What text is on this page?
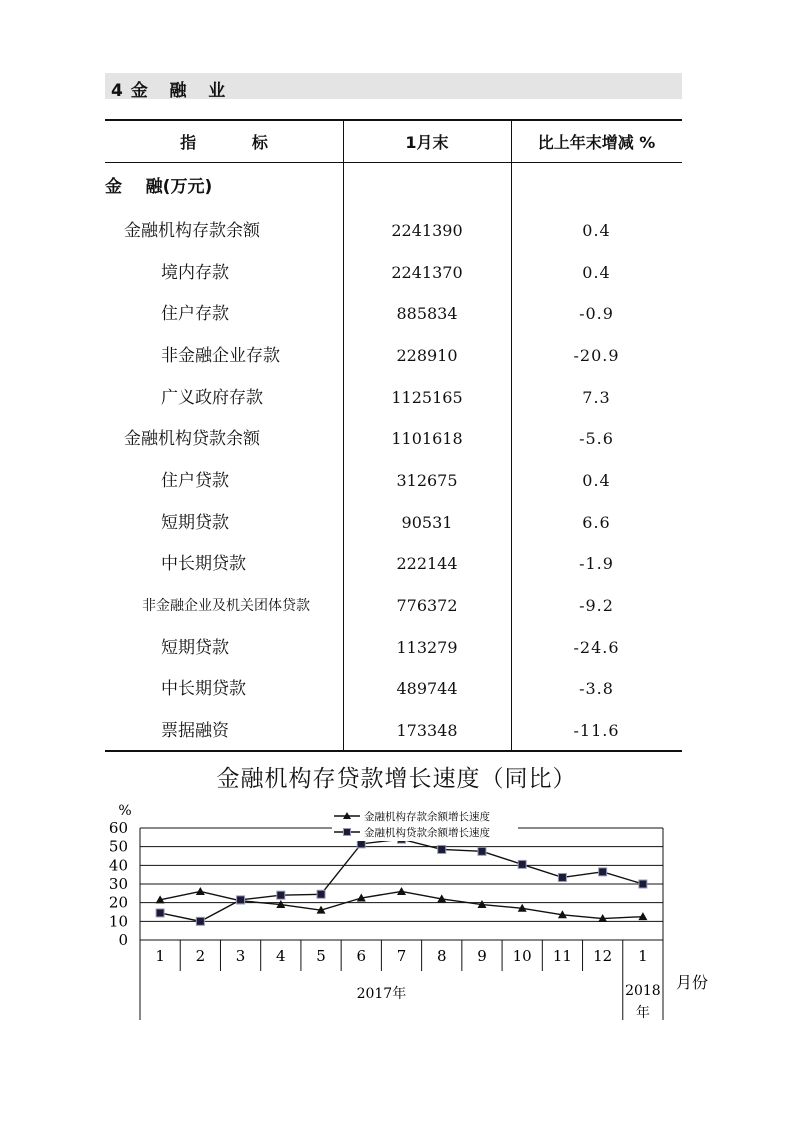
4 金   融   业
指          标	1月末	比上年末增减 %
金    融(万元)
金融机构存款余额	2241390	0.4
境内存款	2241370	0.4
住户存款	885834	-0.9
非金融企业存款	228910	-20.9
广义政府存款	1125165	7.3
金融机构贷款余额	1101618	-5.6
住户贷款	312675	0.4
短期贷款	90531	6.6
中长期贷款	222144	-1.9
非金融企业及机关团体贷款	776372	-9.2
短期贷款	113279	-24.6
中长期贷款	489744	-3.8
票据融资	173348	-11.6
金融机构存贷款增长速度（同比）
0
10
20
30
40
50
60
%
1 2 3 4 5 6 7 8 9 10 11 12 1
2017年	2018
年
月份
金融机构存款余额增长速度
金融机构贷款余额增长速度
